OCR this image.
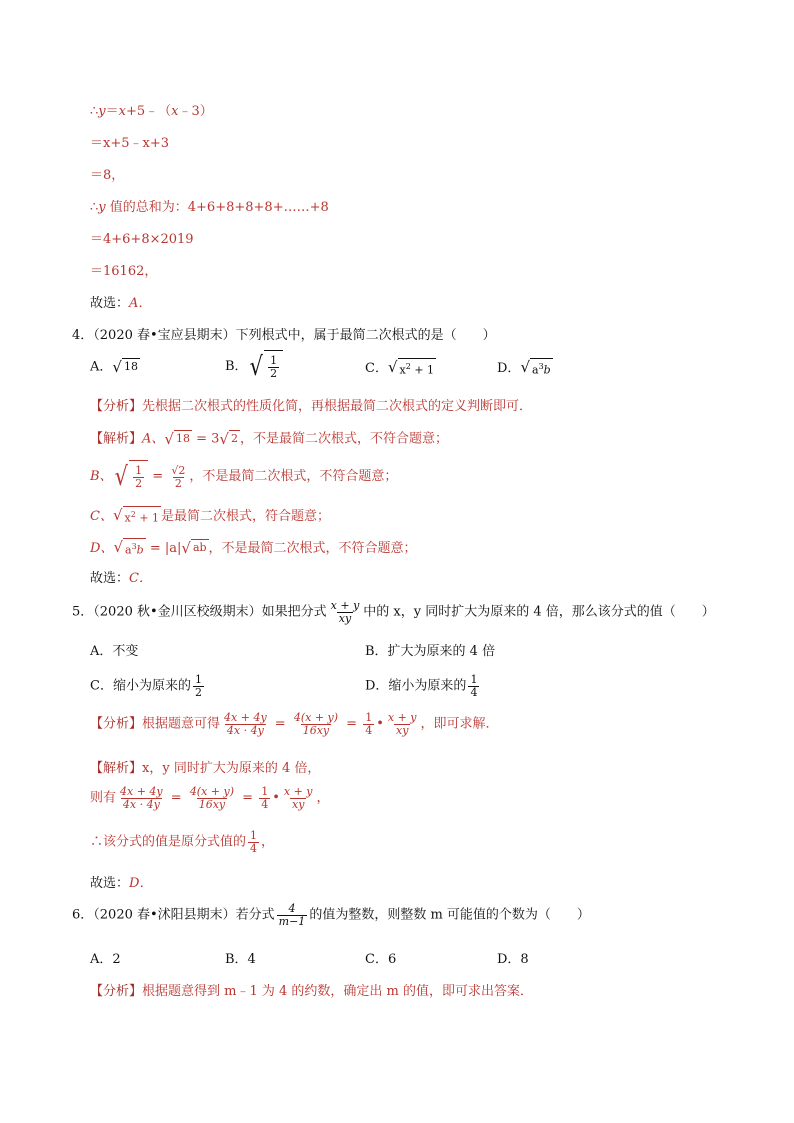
∴y＝x+5﹣（x﹣3）
＝x+5﹣x+3
＝8，
∴y 值的总和为：4+6+8+8+8+……+8
＝4+6+8×2019
＝16162，
故选：A．
4．（2020 春•宝应县期末）下列根式中，属于最简二次根式的是（　　）
A． √ 18	B． √ $\frac{1}{2}$	C． √ $x^2 + 1$	D． √ $a^3b$
【分析】先根据二次根式的性质化简，再根据最简二次根式的定义判断即可．
【解析】A、 √ 18 = 3 √ 2 ，不是最简二次根式，不符合题意；
B、 √ $\frac{1}{2} = \frac{√2}{2}$ ，不是最简二次根式，不符合题意；
C、 √ $x^2 + 1$ 是最简二次根式，符合题意；
D、 √ $a^3b = |a|$ √ ab ，不是最简二次根式，不符合题意；
故选：C．
5．（2020 秋•金川区校级期末）如果把分式 $\frac{x + y}{xy}$ 中的 x，y 同时扩大为原来的 4 倍，那么该分式的值（　　）
A．不变	B．扩大为原来的 4 倍
C．缩小为原来的 $\frac{1}{2}$	D．缩小为原来的 $\frac{1}{4}$
【分析】根据题意可得 $\frac{4x + 4y}{4x \cdot 4y} = \frac{4(x + y)}{16xy} = \frac{1}{4}$ • $\frac{x + y}{xy}$ ，即可求解．
【解析】x，y 同时扩大为原来的 4 倍，
则有 $\frac{4x + 4y}{4x \cdot 4y} = \frac{4(x + y)}{16xy} = \frac{1}{4}$ • $\frac{x + y}{xy}$ ，
∴该分式的值是原分式值的 $\frac{1}{4}$ ，
故选：D．
6．（2020 春•沭阳县期末）若分式 $\frac{4}{m-1}$ 的值为整数，则整数 m 可能值的个数为（　　）
A．2	B．4	C．6	D．8
【分析】根据题意得到 m﹣1 为 4 的约数，确定出 m 的值，即可求出答案．
